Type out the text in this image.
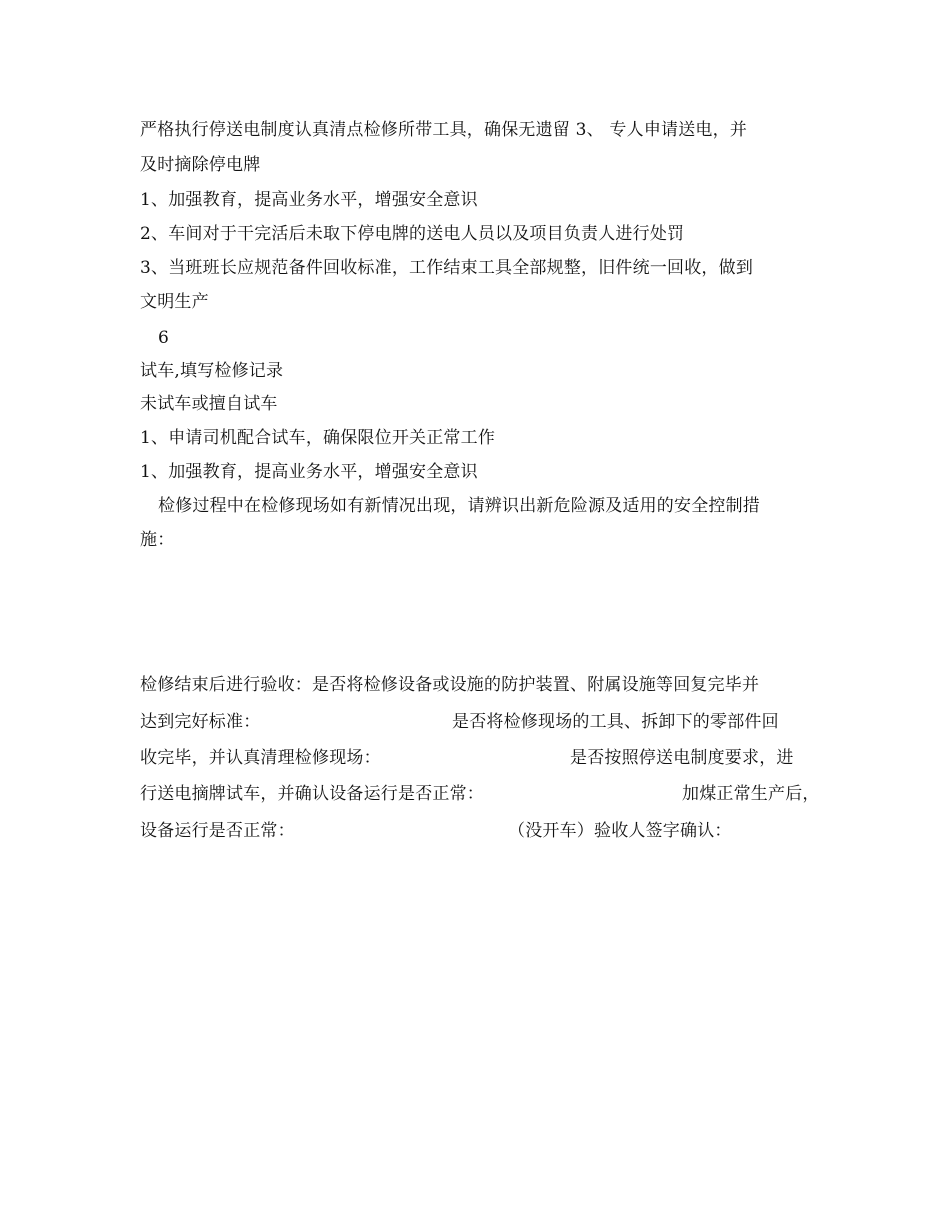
严格执行停送电制度认真清点检修所带工具，确保无遗留 3、 专人申请送电，并
及时摘除停电牌
1、加强教育，提高业务水平，增强安全意识
2、车间对于干完活后未取下停电牌的送电人员以及项目负责人进行处罚
3、当班班长应规范备件回收标准，工作结束工具全部规整，旧件统一回收，做到
文明生产
6
试车,填写检修记录
未试车或擅自试车
1、申请司机配合试车，确保限位开关正常工作
1、加强教育，提高业务水平，增强安全意识
检修过程中在检修现场如有新情况出现，请辨识出新危险源及适用的安全控制措
施：
检修结束后进行验收：是否将检修设备或设施的防护装置、附属设施等回复完毕并
达到完好标准：	是否将检修现场的工具、拆卸下的零部件回
收完毕，并认真清理检修现场：	是否按照停送电制度要求，进
行送电摘牌试车，并确认设备运行是否正常：	加煤正常生产后，
设备运行是否正常：	（没开车）验收人签字确认：
